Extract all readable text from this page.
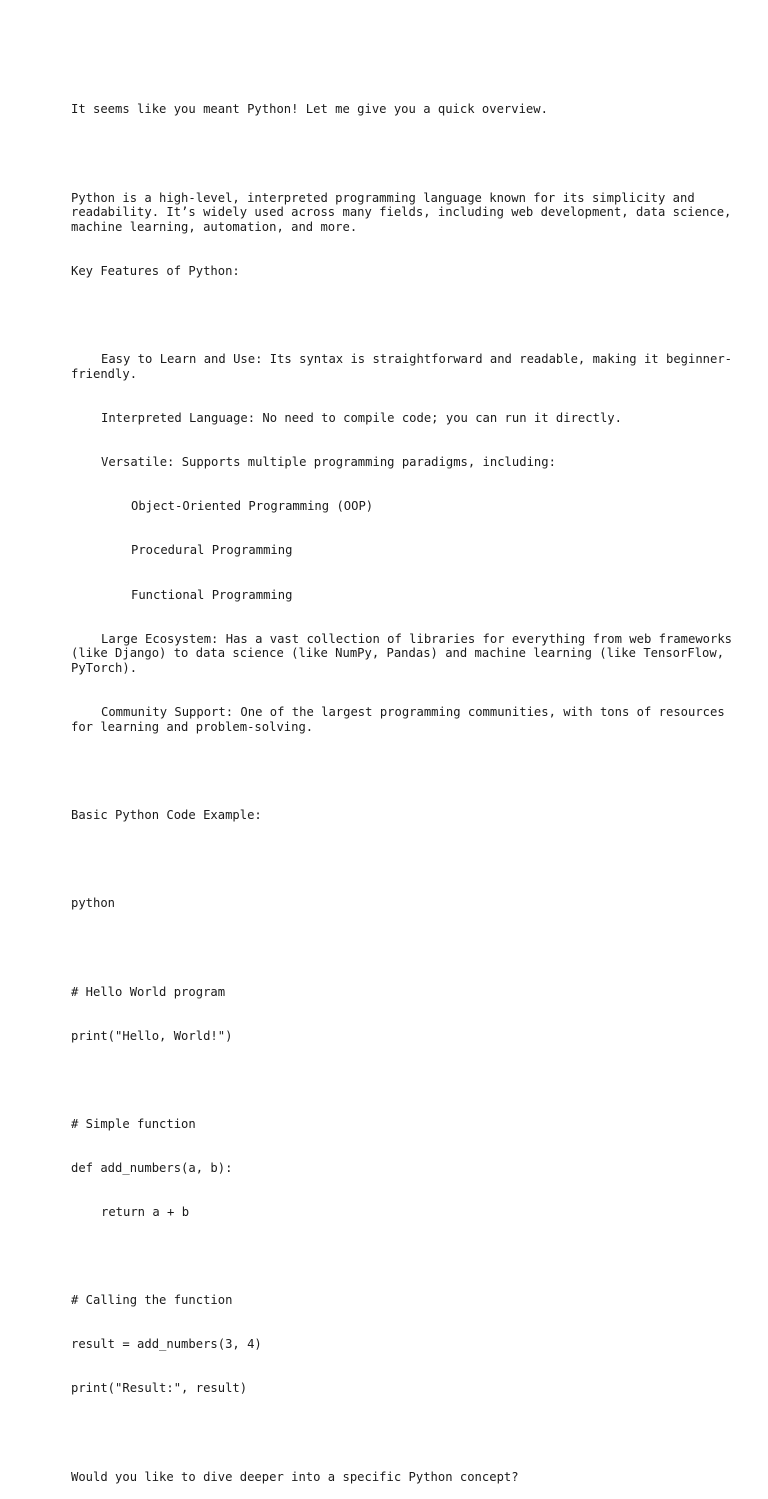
It seems like you meant Python! Let me give you a quick overview.

Python is a high-level, interpreted programming language known for its simplicity and readability. It’s widely used across many fields, including web development, data science, machine learning, automation, and more.

Key Features of Python:

Easy to Learn and Use: Its syntax is straightforward and readable, making it beginner-friendly.

Interpreted Language: No need to compile code; you can run it directly.

Versatile: Supports multiple programming paradigms, including:

Object-Oriented Programming (OOP)

Procedural Programming

Functional Programming

Large Ecosystem: Has a vast collection of libraries for everything from web frameworks (like Django) to data science (like NumPy, Pandas) and machine learning (like TensorFlow, PyTorch).

Community Support: One of the largest programming communities, with tons of resources for learning and problem-solving.

Basic Python Code Example:

python

# Hello World program

print("Hello, World!")

# Simple function

def add_numbers(a, b):

return a + b

# Calling the function

result = add_numbers(3, 4)

print("Result:", result)

Would you like to dive deeper into a specific Python concept?
